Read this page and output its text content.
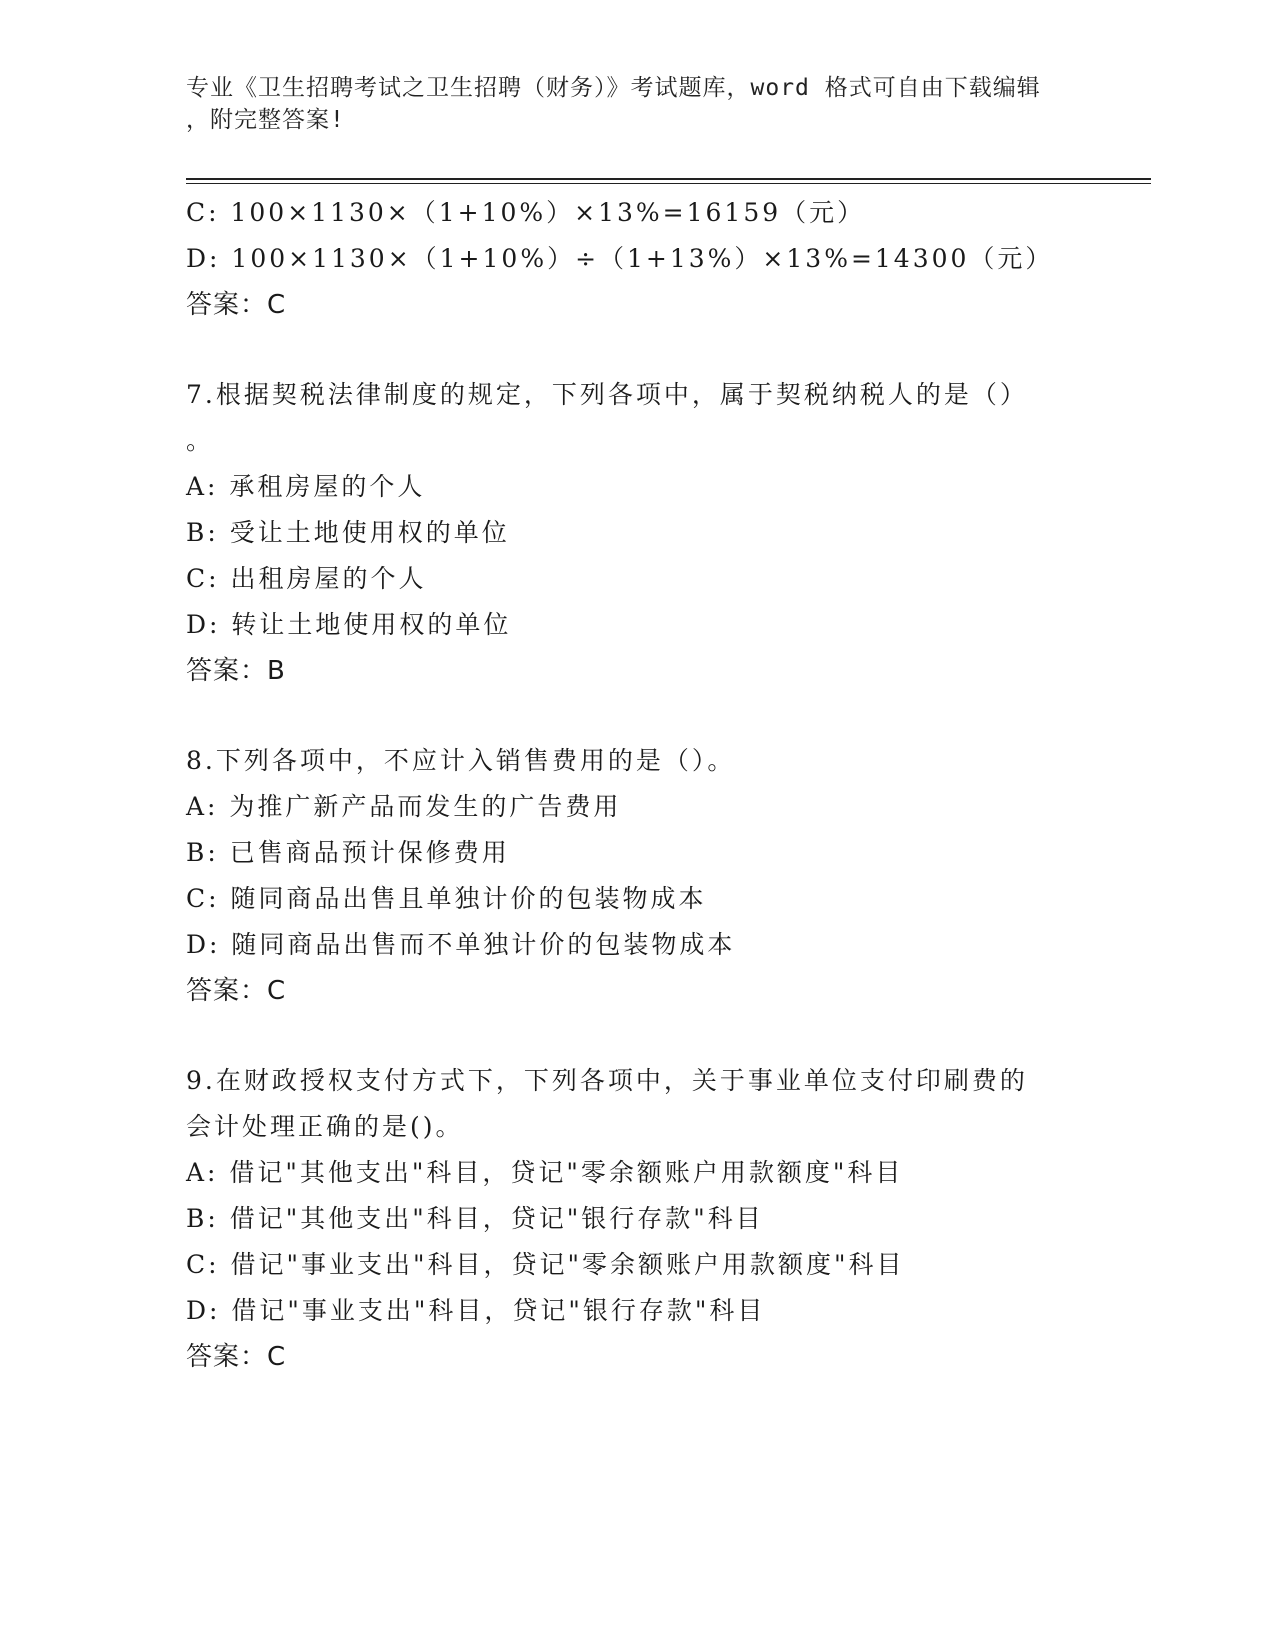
专业《卫生招聘考试之卫生招聘（财务）》考试题库，word 格式可自由下载编辑
，附完整答案!
C: 100×1130×（1+10%）×13%=16159（元）
D: 100×1130×（1+10%）÷（1+13%）×13%=14300（元）
答案：C
7.根据契税法律制度的规定，下列各项中，属于契税纳税人的是（）
。
A: 承租房屋的个人
B: 受让土地使用权的单位
C: 出租房屋的个人
D: 转让土地使用权的单位
答案：B
8.下列各项中，不应计入销售费用的是（）。
A: 为推广新产品而发生的广告费用
B: 已售商品预计保修费用
C: 随同商品出售且单独计价的包装物成本
D: 随同商品出售而不单独计价的包装物成本
答案：C
9.在财政授权支付方式下，下列各项中，关于事业单位支付印刷费的
会计处理正确的是()。
A: 借记"其他支出"科目，贷记"零余额账户用款额度"科目
B: 借记"其他支出"科目，贷记"银行存款"科目
C: 借记"事业支出"科目，贷记"零余额账户用款额度"科目
D: 借记"事业支出"科目，贷记"银行存款"科目
答案：C
